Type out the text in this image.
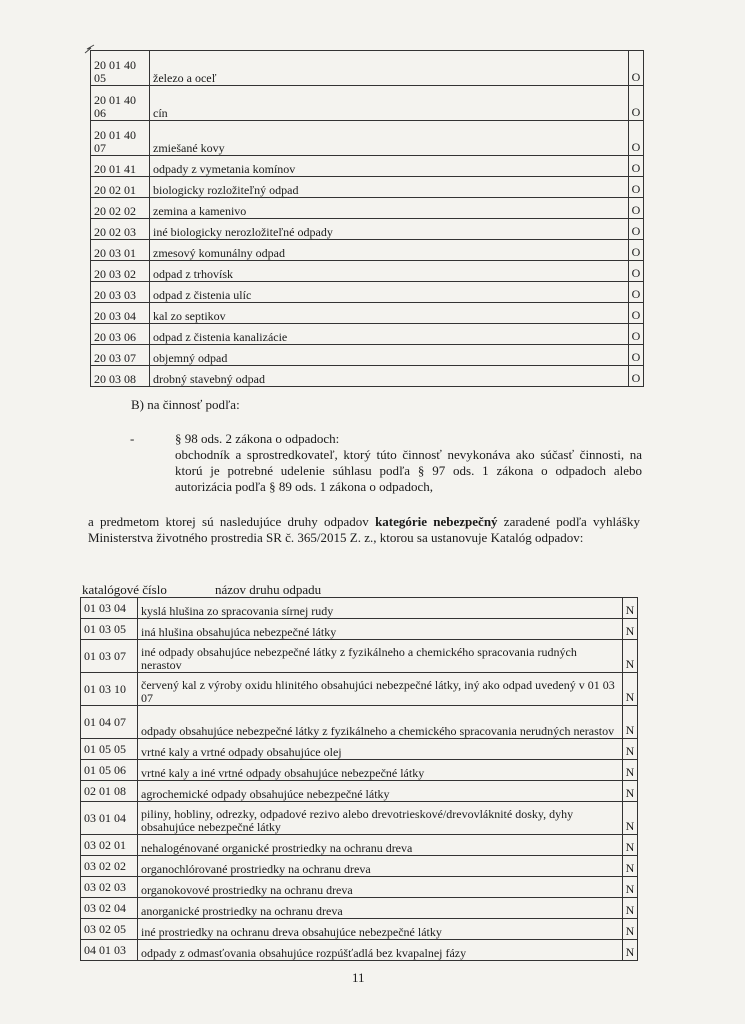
20 01 40 05	železo a oceľ	O
20 01 40 06	cín	O
20 01 40 07	zmiešané kovy	O
20 01 41	odpady z vymetania komínov	O
20 02 01	biologicky rozložiteľný odpad	O
20 02 02	zemina a kamenivo	O
20 02 03	iné biologicky nerozložiteľné odpady	O
20 03 01	zmesový komunálny odpad	O
20 03 02	odpad z trhovísk	O
20 03 03	odpad z čistenia ulíc	O
20 03 04	kal zo septikov	O
20 03 06	odpad z čistenia kanalizácie	O
20 03 07	objemný odpad	O
20 03 08	drobný stavebný odpad	O
B) na činnosť podľa:
-	§ 98 ods. 2 zákona o odpadoch:
obchodník a sprostredkovateľ, ktorý túto činnosť nevykonáva ako súčasť činnosti, na ktorú je potrebné udelenie súhlasu podľa § 97 ods. 1 zákona o odpadoch alebo autorizácia podľa § 89 ods. 1 zákona o odpadoch,
a predmetom ktorej sú nasledujúce druhy odpadov kategórie nebezpečný zaradené podľa vyhlášky Ministerstva životného prostredia SR č. 365/2015 Z. z., ktorou sa ustanovuje Katalóg odpadov:
katalógové číslo	názov druhu odpadu
01 03 04	kyslá hlušina zo spracovania sírnej rudy	N
01 03 05	iná hlušina obsahujúca nebezpečné látky	N
01 03 07	iné odpady obsahujúce nebezpečné látky z fyzikálneho a chemického spracovania rudných nerastov	N
01 03 10	červený kal z výroby oxidu hlinitého obsahujúci nebezpečné látky, iný ako odpad uvedený v 01 03 07	N
01 04 07	odpady obsahujúce nebezpečné látky z fyzikálneho a chemického spracovania nerudných nerastov	N
01 05 05	vrtné kaly a vrtné odpady obsahujúce olej	N
01 05 06	vrtné kaly a iné vrtné odpady obsahujúce nebezpečné látky	N
02 01 08	agrochemické odpady obsahujúce nebezpečné látky	N
03 01 04	piliny, hobliny, odrezky, odpadové rezivo alebo drevotrieskové/drevovláknité dosky, dyhy obsahujúce nebezpečné látky	N
03 02 01	nehalogénované organické prostriedky na ochranu dreva	N
03 02 02	organochlórované prostriedky na ochranu dreva	N
03 02 03	organokovové prostriedky na ochranu dreva	N
03 02 04	anorganické prostriedky na ochranu dreva	N
03 02 05	iné prostriedky na ochranu dreva obsahujúce nebezpečné látky	N
04 01 03	odpady z odmasťovania obsahujúce rozpúšťadlá bez kvapalnej fázy	N
11
